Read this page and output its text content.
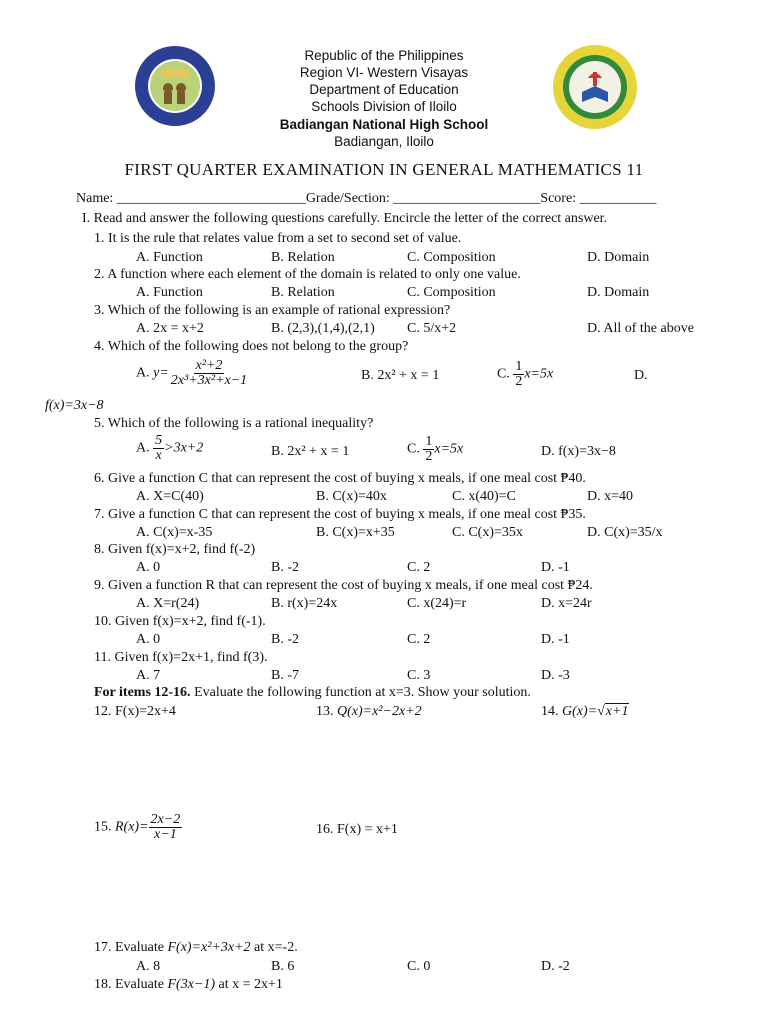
Republic of the Philippines
Region VI- Western Visayas
Department of Education
Schools Division of Iloilo
Badiangan National High School
Badiangan, Iloilo
FIRST QUARTER EXAMINATION IN GENERAL MATHEMATICS 11
Name: ___________________________Grade/Section: _____________________Score: ___________
I. Read and answer the following questions carefully. Encircle the letter of the correct answer.
1. It is the rule that relates value from a set to second set of value.
A. Function	B. Relation	C. Composition	D. Domain
2. A function where each element of the domain is related to only one value.
A. Function	B. Relation	C. Composition	D. Domain
3. Which of the following is an example of rational expression?
A. 2x = x+2	B. (2,3),(1,4),(2,1) C. 5/x+2	D. All of the above
4. Which of the following does not belong to the group?
A. $y= \frac{\text{x²+2}}{\text{2x³+3x²+x−1}}$	B. 2x² + x = 1	C. $\frac{1}{2} x=5x$	D.
f(x)=3x−8
5. Which of the following is a rational inequality?
A. $\frac{5}{x} >3x+2$	B. 2x² + x = 1	C. $\frac{1}{2} x=5x$	D. f(x)=3x−8
6. Give a function C that can represent the cost of buying x meals, if one meal cost ₱40.
A. X=C(40)	B. C(x)=40x	C. x(40)=C	D. x=40
7. Give a function C that can represent the cost of buying x meals, if one meal cost ₱35.
A. C(x)=x-35	B. C(x)=x+35	C. C(x)=35x	D. C(x)=35/x
8. Given f(x)=x+2, find f(-2)
A. 0	B. -2	C. 2	D. -1
9. Given a function R that can represent the cost of buying x meals, if one meal cost ₱24.
A. X=r(24)	B. r(x)=24x	C. x(24)=r	D. x=24r
10. Given f(x)=x+2, find f(-1).
A. 0	B. -2	C. 2	D. -1
11. Given f(x)=2x+1, find f(3).
A. 7	B. -7	C. 3	D. -3
For items 12-16. Evaluate the following function at x=3. Show your solution.
12. F(x)=2x+4	13. Q(x)=x²−2x+2	14. G(x)=√x+1
15. $R(x)= \frac{2x-2}{x-1}$	16. F(x) = x+1
17. Evaluate F(x)=x²+3x+2 at x=-2.
A. 8	B. 6	C. 0	D. -2
18. Evaluate F(3x−1) at x = 2x+1
